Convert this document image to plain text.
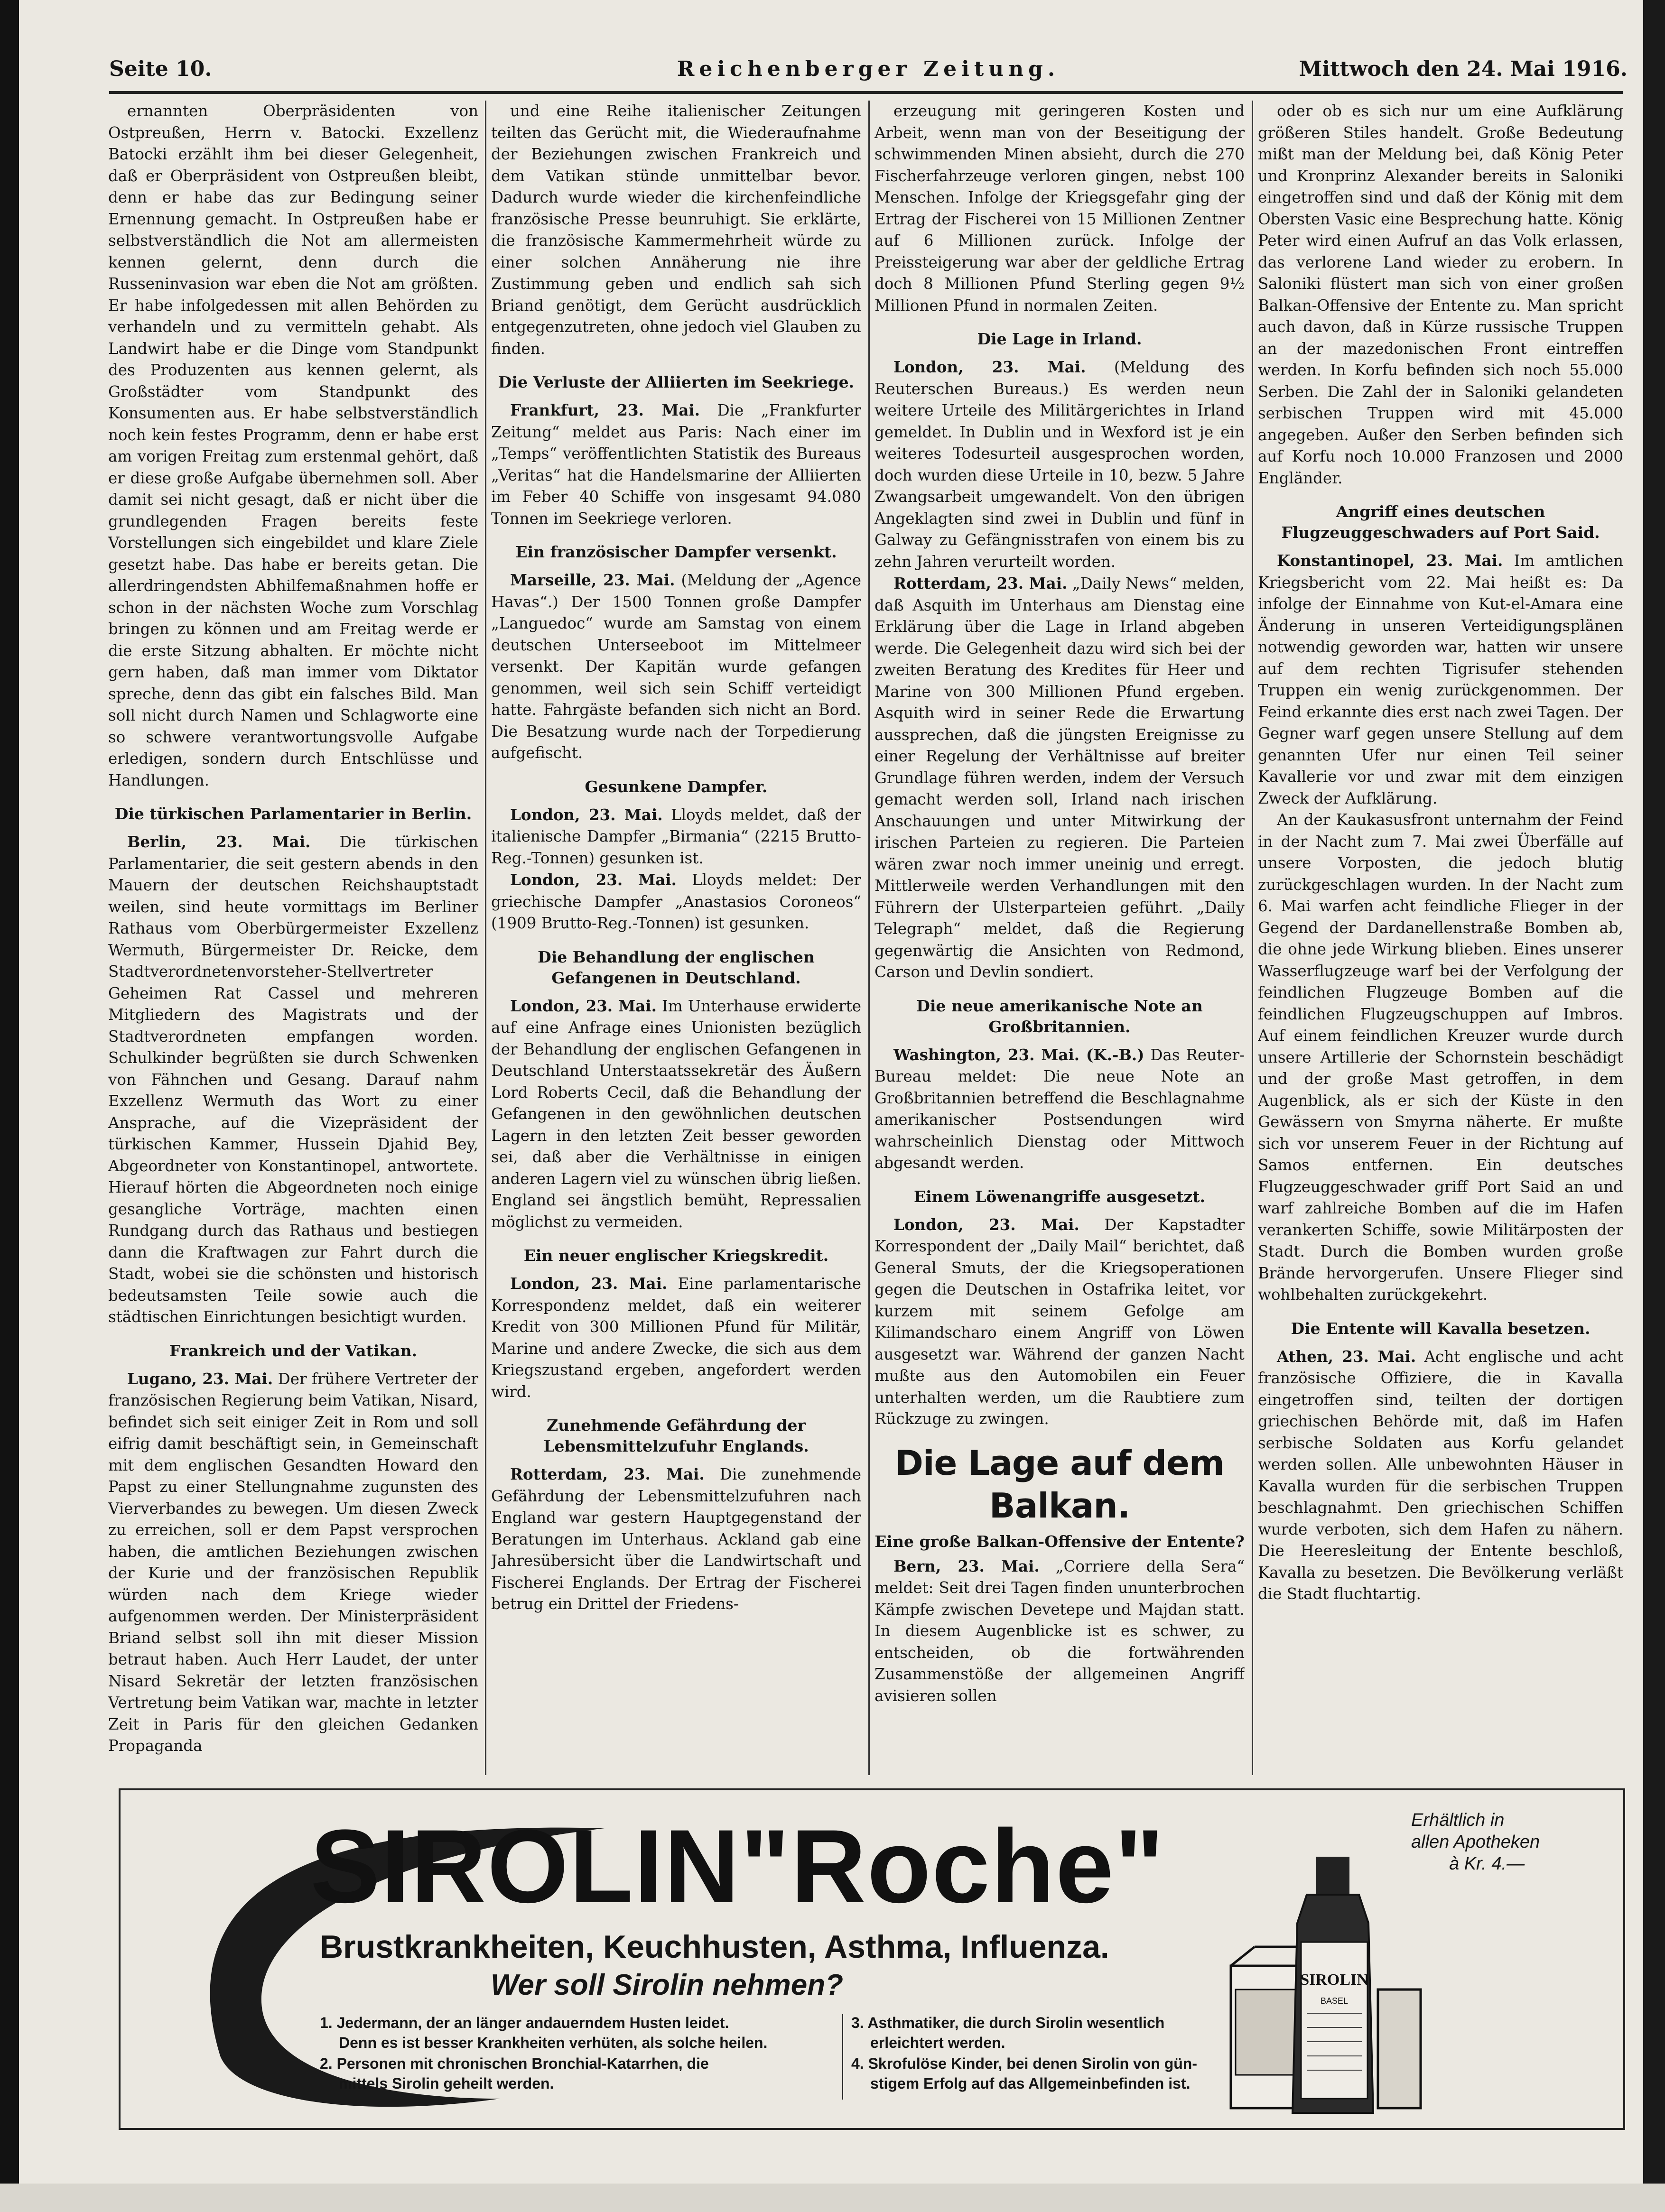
Seite 10.	Reichenberger Zeitung.	Mittwoch den 24. Mai 1916.

ernannten Oberpräsidenten von Ostpreußen, Herrn v. Batocki. Exzellenz Batocki erzählt ihm bei dieser Gelegenheit, daß er Oberpräsident von Ostpreußen bleibt, denn er habe das zur Bedingung seiner Ernennung gemacht. In Ostpreußen habe er selbstverständlich die Not am allermeisten kennen gelernt, denn durch die Russeninvasion war eben die Not am größten. Er habe infolgedessen mit allen Behörden zu verhandeln und zu vermitteln gehabt. Als Landwirt habe er die Dinge vom Standpunkt des Produzenten aus kennen gelernt, als Großstädter vom Standpunkt des Konsumenten aus. Er habe selbstverständlich noch kein festes Programm, denn er habe erst am vorigen Freitag zum erstenmal gehört, daß er diese große Aufgabe übernehmen soll. Aber damit sei nicht gesagt, daß er nicht über die grundlegenden Fragen bereits feste Vorstellungen sich eingebildet und klare Ziele gesetzt habe. Das habe er bereits getan. Die allerdringendsten Abhilfemaßnahmen hoffe er schon in der nächsten Woche zum Vorschlag bringen zu können und am Freitag werde er die erste Sitzung abhalten. Er möchte nicht gern haben, daß man immer vom Diktator spreche, denn das gibt ein falsches Bild. Man soll nicht durch Namen und Schlagworte eine so schwere verantwortungsvolle Aufgabe erledigen, sondern durch Entschlüsse und Handlungen.

Die türkischen Parlamentarier in Berlin.

Berlin, 23. Mai. Die türkischen Parlamentarier, die seit gestern abends in den Mauern der deutschen Reichshauptstadt weilen, sind heute vormittags im Berliner Rathaus vom Oberbürgermeister Exzellenz Wermuth, Bürgermeister Dr. Reicke, dem Stadtverordnetenvorsteher-Stellvertreter Geheimen Rat Cassel und mehreren Mitgliedern des Magistrats und der Stadtverordneten empfangen worden. Schulkinder begrüßten sie durch Schwenken von Fähnchen und Gesang. Darauf nahm Exzellenz Wermuth das Wort zu einer Ansprache, auf die Vizepräsident der türkischen Kammer, Hussein Djahid Bey, Abgeordneter von Konstantinopel, antwortete. Hierauf hörten die Abgeordneten noch einige gesangliche Vorträge, machten einen Rundgang durch das Rathaus und bestiegen dann die Kraftwagen zur Fahrt durch die Stadt, wobei sie die schönsten und historisch bedeutsamsten Teile sowie auch die städtischen Einrichtungen besichtigt wurden.

Frankreich und der Vatikan.

Lugano, 23. Mai. Der frühere Vertreter der französischen Regierung beim Vatikan, Nisard, befindet sich seit einiger Zeit in Rom und soll eifrig damit beschäftigt sein, in Gemeinschaft mit dem englischen Gesandten Howard den Papst zu einer Stellungnahme zugunsten des Vierverbandes zu bewegen. Um diesen Zweck zu erreichen, soll er dem Papst versprochen haben, die amtlichen Beziehungen zwischen der Kurie und der französischen Republik würden nach dem Kriege wieder aufgenommen werden. Der Ministerpräsident Briand selbst soll ihn mit dieser Mission betraut haben. Auch Herr Laudet, der unter Nisard Sekretär der letzten französischen Vertretung beim Vatikan war, machte in letzter Zeit in Paris für den gleichen Gedanken Propaganda

und eine Reihe italienischer Zeitungen teilten das Gerücht mit, die Wiederaufnahme der Beziehungen zwischen Frankreich und dem Vatikan stünde unmittelbar bevor. Dadurch wurde wieder die kirchenfeindliche französische Presse beunruhigt. Sie erklärte, die französische Kammermehrheit würde zu einer solchen Annäherung nie ihre Zustimmung geben und endlich sah sich Briand genötigt, dem Gerücht ausdrücklich entgegenzutreten, ohne jedoch viel Glauben zu finden.

Die Verluste der Alliierten im Seekriege.

Frankfurt, 23. Mai. Die „Frankfurter Zeitung“ meldet aus Paris: Nach einer im „Temps“ veröffentlichten Statistik des Bureaus „Veritas“ hat die Handelsmarine der Alliierten im Feber 40 Schiffe von insgesamt 94.080 Tonnen im Seekriege verloren.

Ein französischer Dampfer versenkt.

Marseille, 23. Mai. (Meldung der „Agence Havas“.) Der 1500 Tonnen große Dampfer „Languedoc“ wurde am Samstag von einem deutschen Unterseeboot im Mittelmeer versenkt. Der Kapitän wurde gefangen genommen, weil sich sein Schiff verteidigt hatte. Fahrgäste befanden sich nicht an Bord. Die Besatzung wurde nach der Torpedierung aufgefischt.

Gesunkene Dampfer.

London, 23. Mai. Lloyds meldet, daß der italienische Dampfer „Birmania“ (2215 Brutto-Reg.-Tonnen) gesunken ist.

London, 23. Mai. Lloyds meldet: Der griechische Dampfer „Anastasios Coroneos“ (1909 Brutto-Reg.-Tonnen) ist gesunken.

Die Behandlung der englischen Gefangenen in Deutschland.

London, 23. Mai. Im Unterhause erwiderte auf eine Anfrage eines Unionisten bezüglich der Behandlung der englischen Gefangenen in Deutschland Unterstaatssekretär des Äußern Lord Roberts Cecil, daß die Behandlung der Gefangenen in den gewöhnlichen deutschen Lagern in den letzten Zeit besser geworden sei, daß aber die Verhältnisse in einigen anderen Lagern viel zu wünschen übrig ließen. England sei ängstlich bemüht, Repressalien möglichst zu vermeiden.

Ein neuer englischer Kriegskredit.

London, 23. Mai. Eine parlamentarische Korrespondenz meldet, daß ein weiterer Kredit von 300 Millionen Pfund für Militär, Marine und andere Zwecke, die sich aus dem Kriegszustand ergeben, angefordert werden wird.

Zunehmende Gefährdung der Lebensmittelzufuhr Englands.

Rotterdam, 23. Mai. Die zunehmende Gefährdung der Lebensmittelzufuhren nach England war gestern Hauptgegenstand der Beratungen im Unterhaus. Ackland gab eine Jahresübersicht über die Landwirtschaft und Fischerei Englands. Der Ertrag der Fischerei betrug ein Drittel der Friedens-

erzeugung mit geringeren Kosten und Arbeit, wenn man von der Beseitigung der schwimmenden Minen absieht, durch die 270 Fischerfahrzeuge verloren gingen, nebst 100 Menschen. Infolge der Kriegsgefahr ging der Ertrag der Fischerei von 15 Millionen Zentner auf 6 Millionen zurück. Infolge der Preissteigerung war aber der geldliche Ertrag doch 8 Millionen Pfund Sterling gegen 9½ Millionen Pfund in normalen Zeiten.

Die Lage in Irland.

London, 23. Mai. (Meldung des Reuterschen Bureaus.) Es werden neun weitere Urteile des Militärgerichtes in Irland gemeldet. In Dublin und in Wexford ist je ein weiteres Todesurteil ausgesprochen worden, doch wurden diese Urteile in 10, bezw. 5 Jahre Zwangsarbeit umgewandelt. Von den übrigen Angeklagten sind zwei in Dublin und fünf in Galway zu Gefängnisstrafen von einem bis zu zehn Jahren verurteilt worden.

Rotterdam, 23. Mai. „Daily News“ melden, daß Asquith im Unterhaus am Dienstag eine Erklärung über die Lage in Irland abgeben werde. Die Gelegenheit dazu wird sich bei der zweiten Beratung des Kredites für Heer und Marine von 300 Millionen Pfund ergeben. Asquith wird in seiner Rede die Erwartung aussprechen, daß die jüngsten Ereignisse zu einer Regelung der Verhältnisse auf breiter Grundlage führen werden, indem der Versuch gemacht werden soll, Irland nach irischen Anschauungen und unter Mitwirkung der irischen Parteien zu regieren. Die Parteien wären zwar noch immer uneinig und erregt. Mittlerweile werden Verhandlungen mit den Führern der Ulsterparteien geführt. „Daily Telegraph“ meldet, daß die Regierung gegenwärtig die Ansichten von Redmond, Carson und Devlin sondiert.

Die neue amerikanische Note an Großbritannien.

Washington, 23. Mai. (K.-B.) Das Reuter-Bureau meldet: Die neue Note an Großbritannien betreffend die Beschlagnahme amerikanischer Postsendungen wird wahrscheinlich Dienstag oder Mittwoch abgesandt werden.

Einem Löwenangriffe ausgesetzt.

London, 23. Mai. Der Kapstadter Korrespondent der „Daily Mail“ berichtet, daß General Smuts, der die Kriegsoperationen gegen die Deutschen in Ostafrika leitet, vor kurzem mit seinem Gefolge am Kilimandscharo einem Angriff von Löwen ausgesetzt war. Während der ganzen Nacht mußte aus den Automobilen ein Feuer unterhalten werden, um die Raubtiere zum Rückzuge zu zwingen.

Die Lage auf dem Balkan.
Eine große Balkan-Offensive der Entente?

Bern, 23. Mai. „Corriere della Sera“ meldet: Seit drei Tagen finden ununterbrochen Kämpfe zwischen Devetepe und Majdan statt. In diesem Augenblicke ist es schwer, zu entscheiden, ob die fortwährenden Zusammenstöße der allgemeinen Angriff avisieren sollen

oder ob es sich nur um eine Aufklärung größeren Stiles handelt. Große Bedeutung mißt man der Meldung bei, daß König Peter und Kronprinz Alexander bereits in Saloniki eingetroffen sind und daß der König mit dem Obersten Vasic eine Besprechung hatte. König Peter wird einen Aufruf an das Volk erlassen, das verlorene Land wieder zu erobern. In Saloniki flüstert man sich von einer großen Balkan-Offensive der Entente zu. Man spricht auch davon, daß in Kürze russische Truppen an der mazedonischen Front eintreffen werden. In Korfu befinden sich noch 55.000 Serben. Die Zahl der in Saloniki gelandeten serbischen Truppen wird mit 45.000 angegeben. Außer den Serben befinden sich auf Korfu noch 10.000 Franzosen und 2000 Engländer.

Angriff eines deutschen Flugzeuggeschwaders auf Port Said.

Konstantinopel, 23. Mai. Im amtlichen Kriegsbericht vom 22. Mai heißt es: Da infolge der Einnahme von Kut-el-Amara eine Änderung in unseren Verteidigungsplänen notwendig geworden war, hatten wir unsere auf dem rechten Tigrisufer stehenden Truppen ein wenig zurückgenommen. Der Feind erkannte dies erst nach zwei Tagen. Der Gegner warf gegen unsere Stellung auf dem genannten Ufer nur einen Teil seiner Kavallerie vor und zwar mit dem einzigen Zweck der Aufklärung.

An der Kaukasusfront unternahm der Feind in der Nacht zum 7. Mai zwei Überfälle auf unsere Vorposten, die jedoch blutig zurückgeschlagen wurden. In der Nacht zum 6. Mai warfen acht feindliche Flieger in der Gegend der Dardanellenstraße Bomben ab, die ohne jede Wirkung blieben. Eines unserer Wasserflugzeuge warf bei der Verfolgung der feindlichen Flugzeuge Bomben auf die feindlichen Flugzeugschuppen auf Imbros. Auf einem feindlichen Kreuzer wurde durch unsere Artillerie der Schornstein beschädigt und der große Mast getroffen, in dem Augenblick, als er sich der Küste in den Gewässern von Smyrna näherte. Er mußte sich vor unserem Feuer in der Richtung auf Samos entfernen. Ein deutsches Flugzeuggeschwader griff Port Said an und warf zahlreiche Bomben auf die im Hafen verankerten Schiffe, sowie Militärposten der Stadt. Durch die Bomben wurden große Brände hervorgerufen. Unsere Flieger sind wohlbehalten zurückgekehrt.

Die Entente will Kavalla besetzen.

Athen, 23. Mai. Acht englische und acht französische Offiziere, die in Kavalla eingetroffen sind, teilten der dortigen griechischen Behörde mit, daß im Hafen serbische Soldaten aus Korfu gelandet werden sollen. Alle unbewohnten Häuser in Kavalla wurden für die serbischen Truppen beschlagnahmt. Den griechischen Schiffen wurde verboten, sich dem Hafen zu nähern. Die Heeresleitung der Entente beschloß, Kavalla zu besetzen. Die Bevölkerung verläßt die Stadt fluchtartig.

SIROLIN"Roche"
Brustkrankheiten, Keuchhusten, Asthma, Influenza.
Wer soll Sirolin nehmen?
1. Jedermann, der an länger andauerndem Husten leidet.
Denn es ist besser Krankheiten verhüten, als solche heilen.
2. Personen mit chronischen Bronchial-Katarrhen, die
mittels Sirolin geheilt werden.
3. Asthmatiker, die durch Sirolin wesentlich
erleichtert werden.
4. Skrofulöse Kinder, bei denen Sirolin von gün-
stigem Erfolg auf das Allgemeinbefinden ist.
Erhältlich in
allen Apotheken
à Kr. 4.—
SIROLIN
BASEL
